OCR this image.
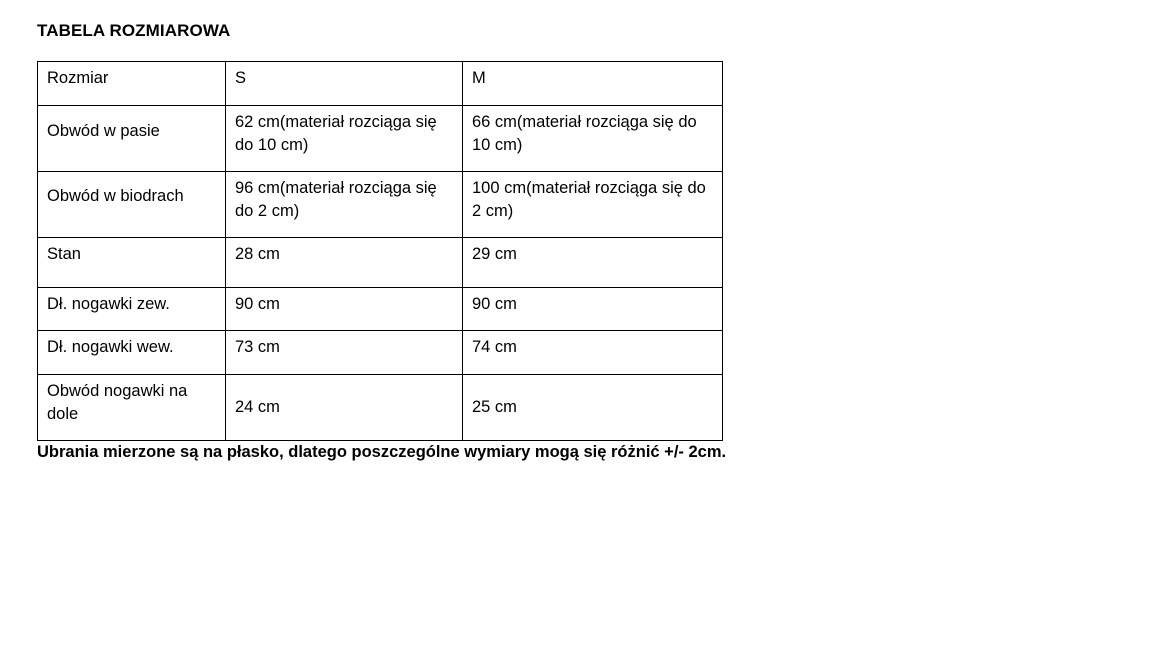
TABELA ROZMIAROWA
Rozmiar	S	M
Obwód w pasie	62 cm(materiał rozciąga się do 10 cm)	66 cm(materiał rozciąga się do 10 cm)
Obwód w biodrach	96 cm(materiał rozciąga się do 2 cm)	100 cm(materiał rozciąga się do 2 cm)
Stan	28 cm	29 cm
Dł. nogawki zew.	90 cm	90 cm
Dł. nogawki wew.	73 cm	74 cm
Obwód nogawki na dole	24 cm	25 cm
Ubrania mierzone są na płasko, dlatego poszczególne wymiary mogą się różnić +/- 2cm.
